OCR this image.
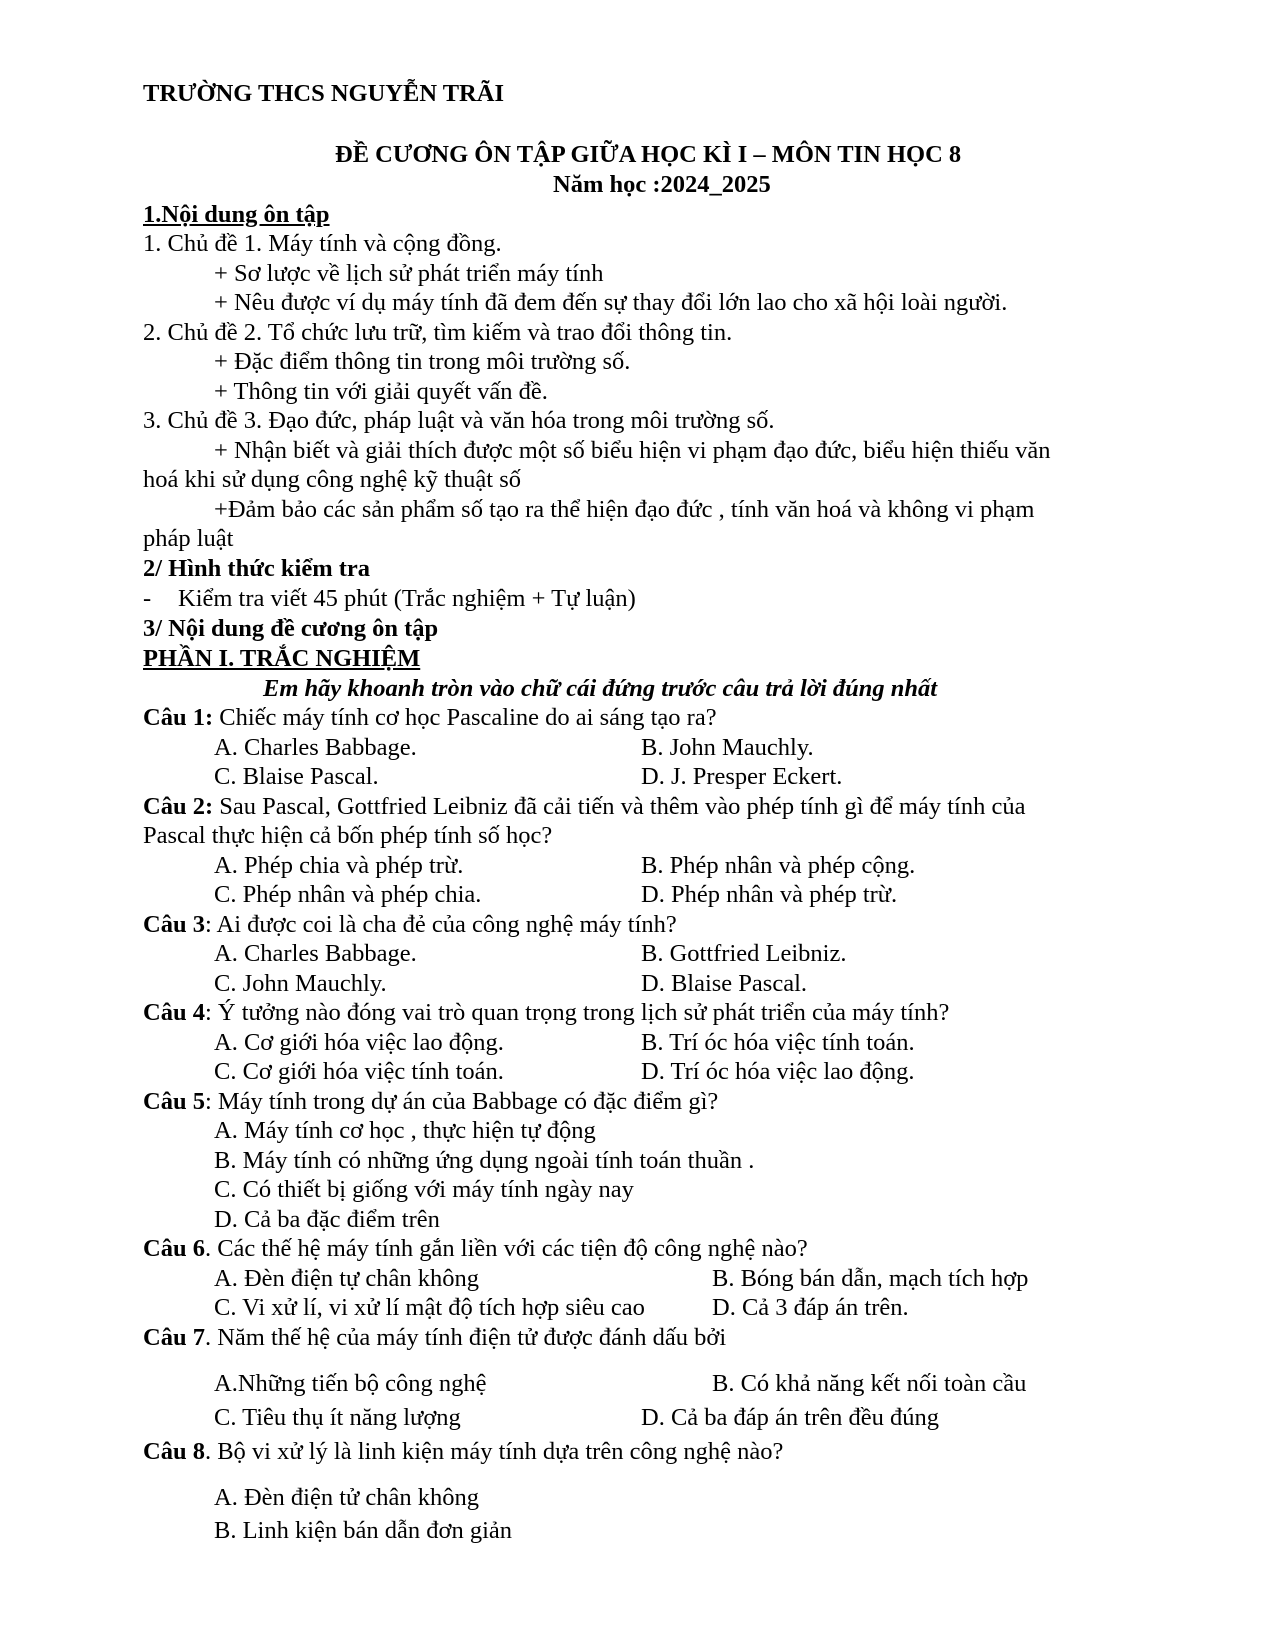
TRƯỜNG THCS NGUYỄN TRÃI
ĐỀ CƯƠNG ÔN TẬP GIỮA HỌC KÌ I – MÔN TIN HỌC 8
Năm học :2024_2025
1.Nội dung ôn tập
1. Chủ đề 1. Máy tính và cộng đồng.
+ Sơ lược về lịch sử phát triển máy tính
+ Nêu được ví dụ máy tính đã đem đến sự thay đổi lớn lao cho xã hội loài người.
2. Chủ đề 2. Tổ chức lưu trữ, tìm kiếm và trao đổi thông tin.
+ Đặc điểm thông tin trong môi trường số.
+ Thông tin với giải quyết vấn đề.
3. Chủ đề 3. Đạo đức, pháp luật và văn hóa trong môi trường số.
+ Nhận biết và giải thích được một số biểu hiện vi phạm đạo đức, biểu hiện thiếu văn
hoá khi sử dụng công nghệ kỹ thuật số
+Đảm bảo các sản phẩm số tạo ra thể hiện đạo đức , tính văn hoá và không vi phạm
pháp luật
2/ Hình thức kiểm tra
- Kiểm tra viết 45 phút (Trắc nghiệm + Tự luận)
3/ Nội dung đề cương ôn tập
PHẦN I. TRẮC NGHIỆM
Em hãy khoanh tròn vào chữ cái đứng trước câu trả lời đúng nhất
Câu 1: Chiếc máy tính cơ học Pascaline do ai sáng tạo ra?
A. Charles Babbage.	B. John Mauchly.
C. Blaise Pascal.	D. J. Presper Eckert.
Câu 2: Sau Pascal, Gottfried Leibniz đã cải tiến và thêm vào phép tính gì để máy tính của
Pascal thực hiện cả bốn phép tính số học?
A. Phép chia và phép trừ.	B. Phép nhân và phép cộng.
C. Phép nhân và phép chia.	D. Phép nhân và phép trừ.
Câu 3: Ai được coi là cha đẻ của công nghệ máy tính?
A. Charles Babbage.	B. Gottfried Leibniz.
C. John Mauchly.	D. Blaise Pascal.
Câu 4: Ý tưởng nào đóng vai trò quan trọng trong lịch sử phát triển của máy tính?
A. Cơ giới hóa việc lao động.	B. Trí óc hóa việc tính toán.
C. Cơ giới hóa việc tính toán.	D. Trí óc hóa việc lao động.
Câu 5: Máy tính trong dự án của Babbage có đặc điểm gì?
A. Máy tính cơ học , thực hiện tự động
B. Máy tính có những ứng dụng ngoài tính toán thuần .
C. Có thiết bị giống với máy tính ngày nay
D. Cả ba đặc điểm trên
Câu 6. Các thế hệ máy tính gắn liền với các tiện độ công nghệ nào?
A. Đèn điện tự chân không	B. Bóng bán dẫn, mạch tích hợp
C. Vi xử lí, vi xử lí mật độ tích hợp siêu cao	D. Cả 3 đáp án trên.
Câu 7. Năm thế hệ của máy tính điện tử được đánh dấu bởi
A.Những tiến bộ công nghệ	B. Có khả năng kết nối toàn cầu
C. Tiêu thụ ít năng lượng	D. Cả ba đáp án trên đều đúng
Câu 8. Bộ vi xử lý là linh kiện máy tính dựa trên công nghệ nào?
A. Đèn điện tử chân không
B. Linh kiện bán dẫn đơn giản
